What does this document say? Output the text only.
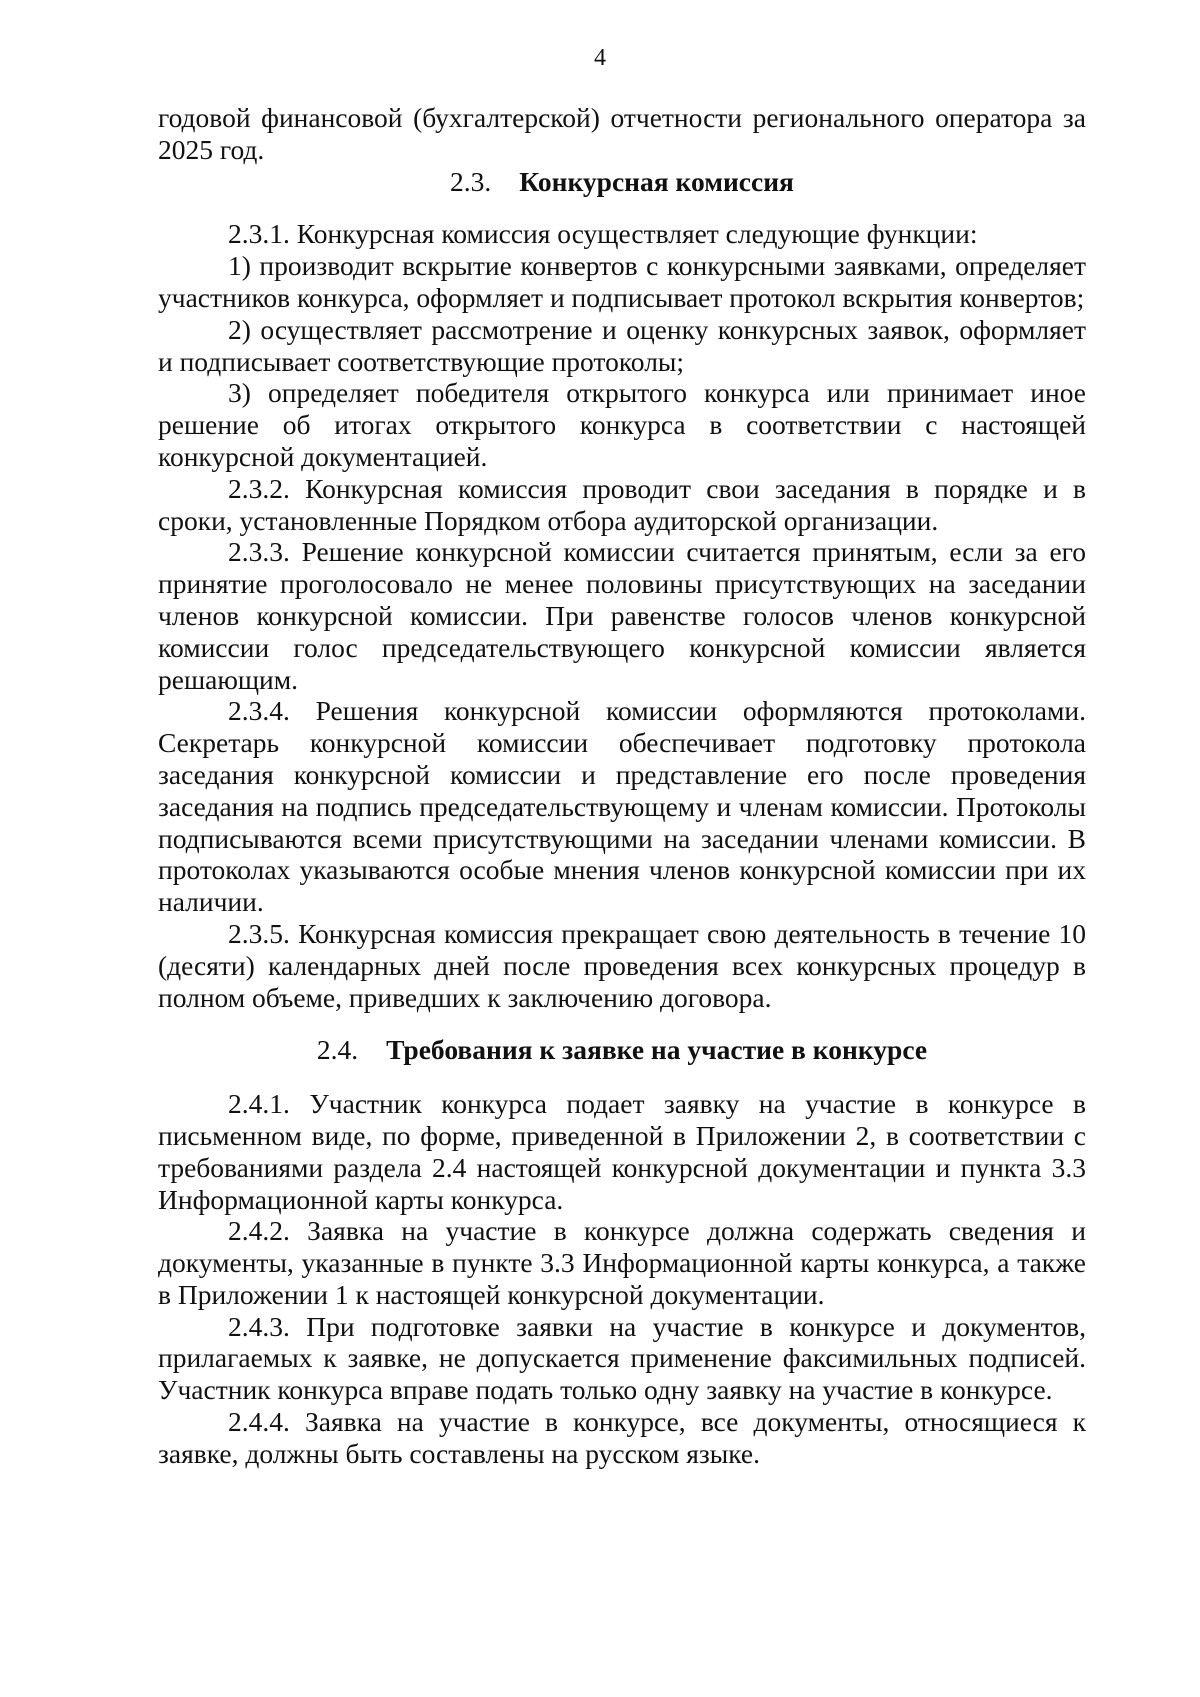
4

годовой финансовой (бухгалтерской) отчетности регионального оператора за 2025 год.

2.3. Конкурсная комиссия

2.3.1. Конкурсная комиссия осуществляет следующие функции:

1) производит вскрытие конвертов с конкурсными заявками, определяет участников конкурса, оформляет и подписывает протокол вскрытия конвертов;

2) осуществляет рассмотрение и оценку конкурсных заявок, оформляет и подписывает соответствующие протоколы;

3) определяет победителя открытого конкурса или принимает иное решение об итогах открытого конкурса в соответствии с настоящей конкурсной документацией.

2.3.2. Конкурсная комиссия проводит свои заседания в порядке и в сроки, установленные Порядком отбора аудиторской организации.

2.3.3. Решение конкурсной комиссии считается принятым, если за его принятие проголосовало не менее половины присутствующих на заседании членов конкурсной комиссии. При равенстве голосов членов конкурсной комиссии голос председательствующего конкурсной комиссии является решающим.

2.3.4. Решения конкурсной комиссии оформляются протоколами. Секретарь конкурсной комиссии обеспечивает подготовку протокола заседания конкурсной комиссии и представление его после проведения заседания на подпись председательствующему и членам комиссии. Протоколы подписываются всеми присутствующими на заседании членами комиссии. В протоколах указываются особые мнения членов конкурсной комиссии при их наличии.

2.3.5. Конкурсная комиссия прекращает свою деятельность в течение 10 (десяти) календарных дней после проведения всех конкурсных процедур в полном объеме, приведших к заключению договора.

2.4. Требования к заявке на участие в конкурсе

2.4.1. Участник конкурса подает заявку на участие в конкурсе в письменном виде, по форме, приведенной в Приложении 2, в соответствии с требованиями раздела 2.4 настоящей конкурсной документации и пункта 3.3 Информационной карты конкурса.

2.4.2. Заявка на участие в конкурсе должна содержать сведения и документы, указанные в пункте 3.3 Информационной карты конкурса, а также в Приложении 1 к настоящей конкурсной документации.

2.4.3. При подготовке заявки на участие в конкурсе и документов, прилагаемых к заявке, не допускается применение факсимильных подписей. Участник конкурса вправе подать только одну заявку на участие в конкурсе.

2.4.4. Заявка на участие в конкурсе, все документы, относящиеся к заявке, должны быть составлены на русском языке.
